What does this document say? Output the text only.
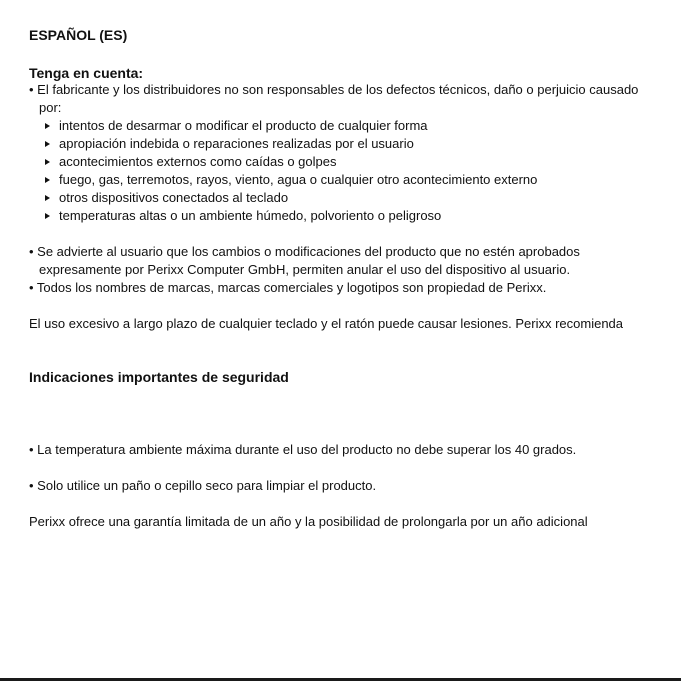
ESPAÑOL (ES)
Tenga en cuenta:
• El fabricante y los distribuidores no son responsables de los defectos técnicos, daño o perjuicio causado
por:
intentos de desarmar o modificar el producto de cualquier forma
apropiación indebida o reparaciones realizadas por el usuario
acontecimientos externos como caídas o golpes
fuego, gas, terremotos, rayos, viento, agua o cualquier otro acontecimiento externo
otros dispositivos conectados al teclado
temperaturas altas o un ambiente húmedo, polvoriento o peligroso
• Se advierte al usuario que los cambios o modificaciones del producto que no estén aprobados
expresamente por Perixx Computer GmbH, permiten anular el uso del dispositivo al usuario.
• Todos los nombres de marcas, marcas comerciales y logotipos son propiedad de Perixx.
El uso excesivo a largo plazo de cualquier teclado y el ratón puede causar lesiones. Perixx recomienda
Indicaciones importantes de seguridad
• La temperatura ambiente máxima durante el uso del producto no debe superar los 40 grados.
• Solo utilice un paño o cepillo seco para limpiar el producto.
Perixx ofrece una garantía limitada de un año y la posibilidad de prolongarla por un año adicional
